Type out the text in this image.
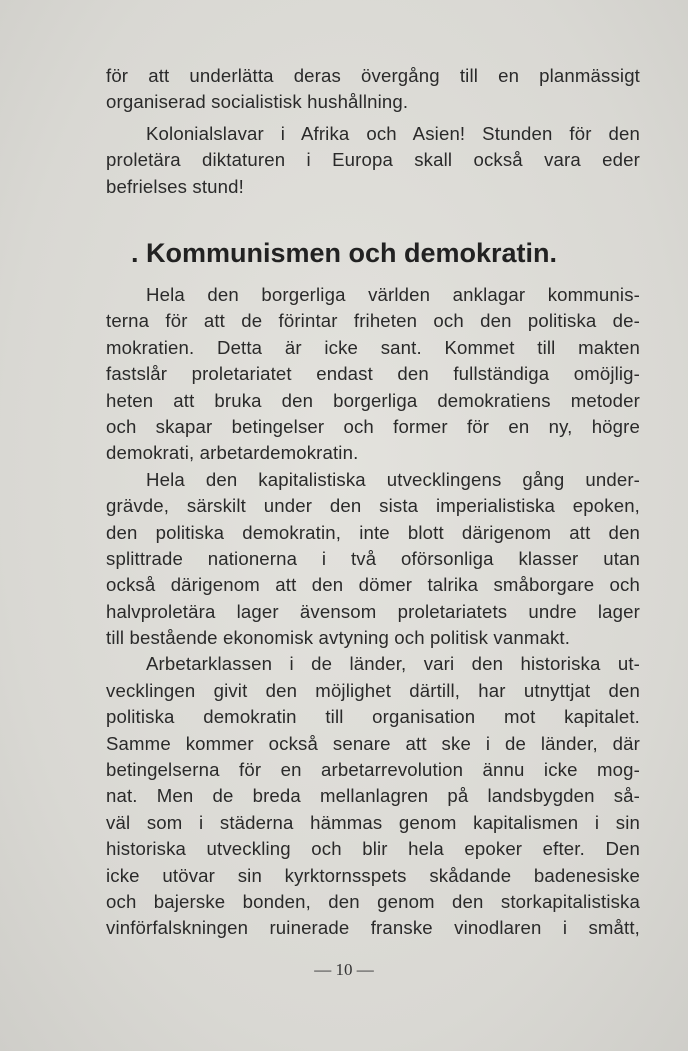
för att underlätta deras övergång till en planmässigt
organiserad socialistisk hushållning.
Kolonialslavar i Afrika och Asien! Stunden för den
proletära diktaturen i Europa skall också vara eder
befrielses stund!
. Kommunismen och demokratin.
Hela den borgerliga världen anklagar kommunis-
terna för att de förintar friheten och den politiska de-
mokratien. Detta är icke sant. Kommet till makten
fastslår proletariatet endast den fullständiga omöjlig-
heten att bruka den borgerliga demokratiens metoder
och skapar betingelser och former för en ny, högre
demokrati, arbetardemokratin.
Hela den kapitalistiska utvecklingens gång under-
grävde, särskilt under den sista imperialistiska epoken,
den politiska demokratin, inte blott därigenom att den
splittrade nationerna i två oförsonliga klasser utan
också därigenom att den dömer talrika småborgare och
halvproletära lager ävensom proletariatets undre lager
till bestående ekonomisk avtyning och politisk vanmakt.
Arbetarklassen i de länder, vari den historiska ut-
vecklingen givit den möjlighet därtill, har utnyttjat den
politiska demokratin till organisation mot kapitalet.
Samme kommer också senare att ske i de länder, där
betingelserna för en arbetarrevolution ännu icke mog-
nat. Men de breda mellanlagren på landsbygden så-
väl som i städerna hämmas genom kapitalismen i sin
historiska utveckling och blir hela epoker efter. Den
icke utövar sin kyrktornsspets skådande badenesiske
och bajerske bonden, den genom den storkapitalistiska
vinförfalskningen ruinerade franske vinodlaren i smått,
— 10 —
